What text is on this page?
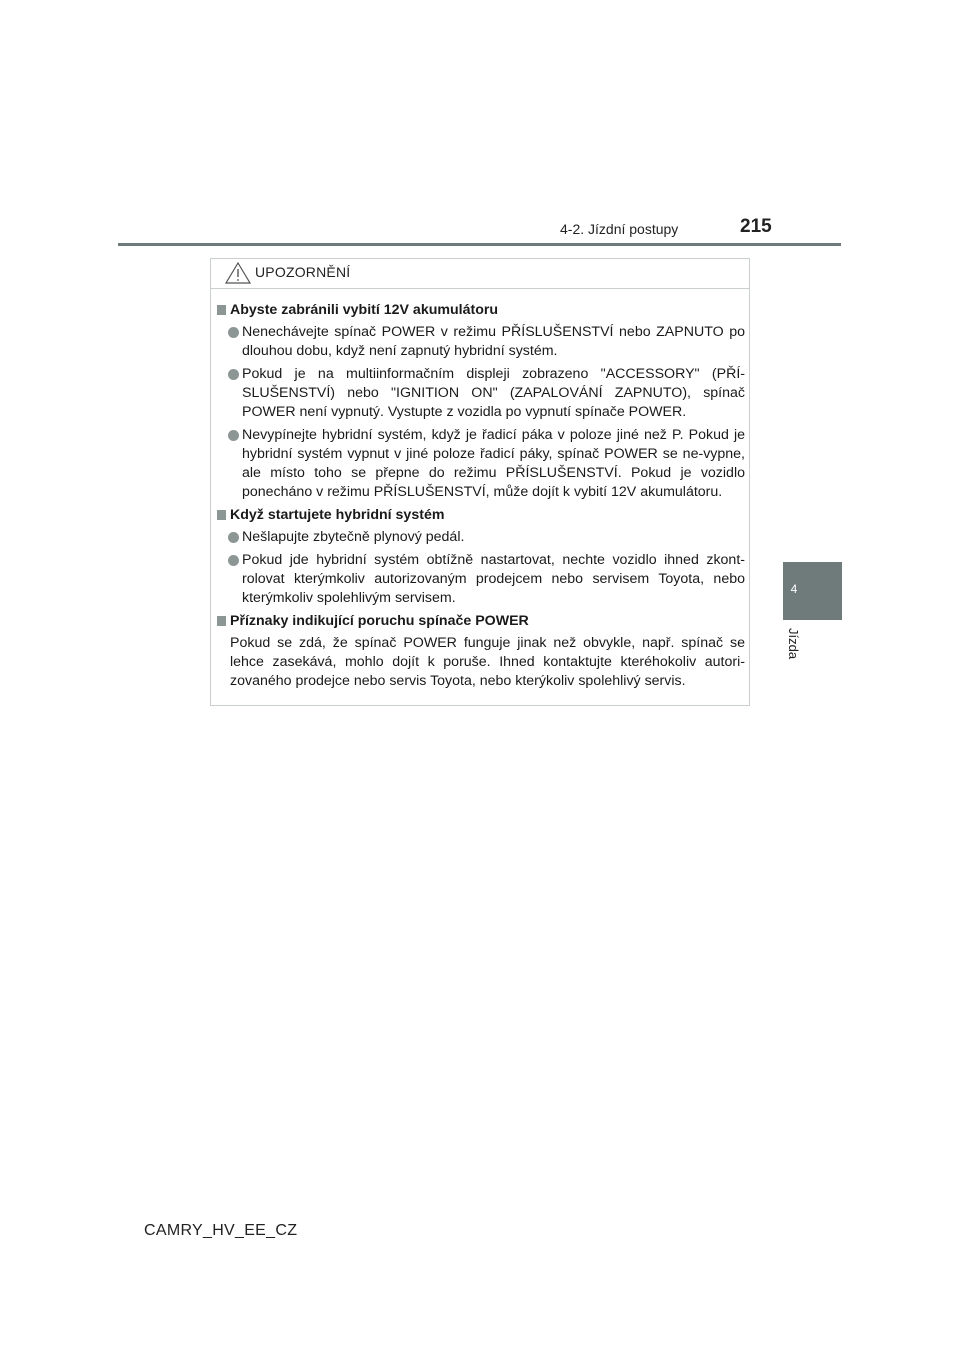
4-2. Jízdní postupy	215
4
Jízda
UPOZORNĚNÍ
Abyste zabránili vybití 12V akumulátoru
Nenechávejte spínač POWER v režimu PŘÍSLUŠENSTVÍ nebo ZAPNUTO po dlouhou dobu, když není zapnutý hybridní systém.
Pokud je na multiinformačním displeji zobrazeno "ACCESSORY" (PŘÍ-SLUŠENSTVÍ) nebo "IGNITION ON" (ZAPALOVÁNÍ ZAPNUTO), spínač POWER není vypnutý. Vystupte z vozidla po vypnutí spínače POWER.
Nevypínejte hybridní systém, když je řadicí páka v poloze jiné než P. Pokud je hybridní systém vypnut v jiné poloze řadicí páky, spínač POWER se ne-vypne, ale místo toho se přepne do režimu PŘÍSLUŠENSTVÍ. Pokud je vozidlo ponecháno v režimu PŘÍSLUŠENSTVÍ, může dojít k vybití 12V akumulátoru.
Když startujete hybridní systém
Nešlapujte zbytečně plynový pedál.
Pokud jde hybridní systém obtížně nastartovat, nechte vozidlo ihned zkont-rolovat kterýmkoliv autorizovaným prodejcem nebo servisem Toyota, nebo kterýmkoliv spolehlivým servisem.
Příznaky indikující poruchu spínače POWER
Pokud se zdá, že spínač POWER funguje jinak než obvykle, např. spínač se lehce zasekává, mohlo dojít k poruše. Ihned kontaktujte kteréhokoliv autori-zovaného prodejce nebo servis Toyota, nebo kterýkoliv spolehlivý servis.
CAMRY_HV_EE_CZ
